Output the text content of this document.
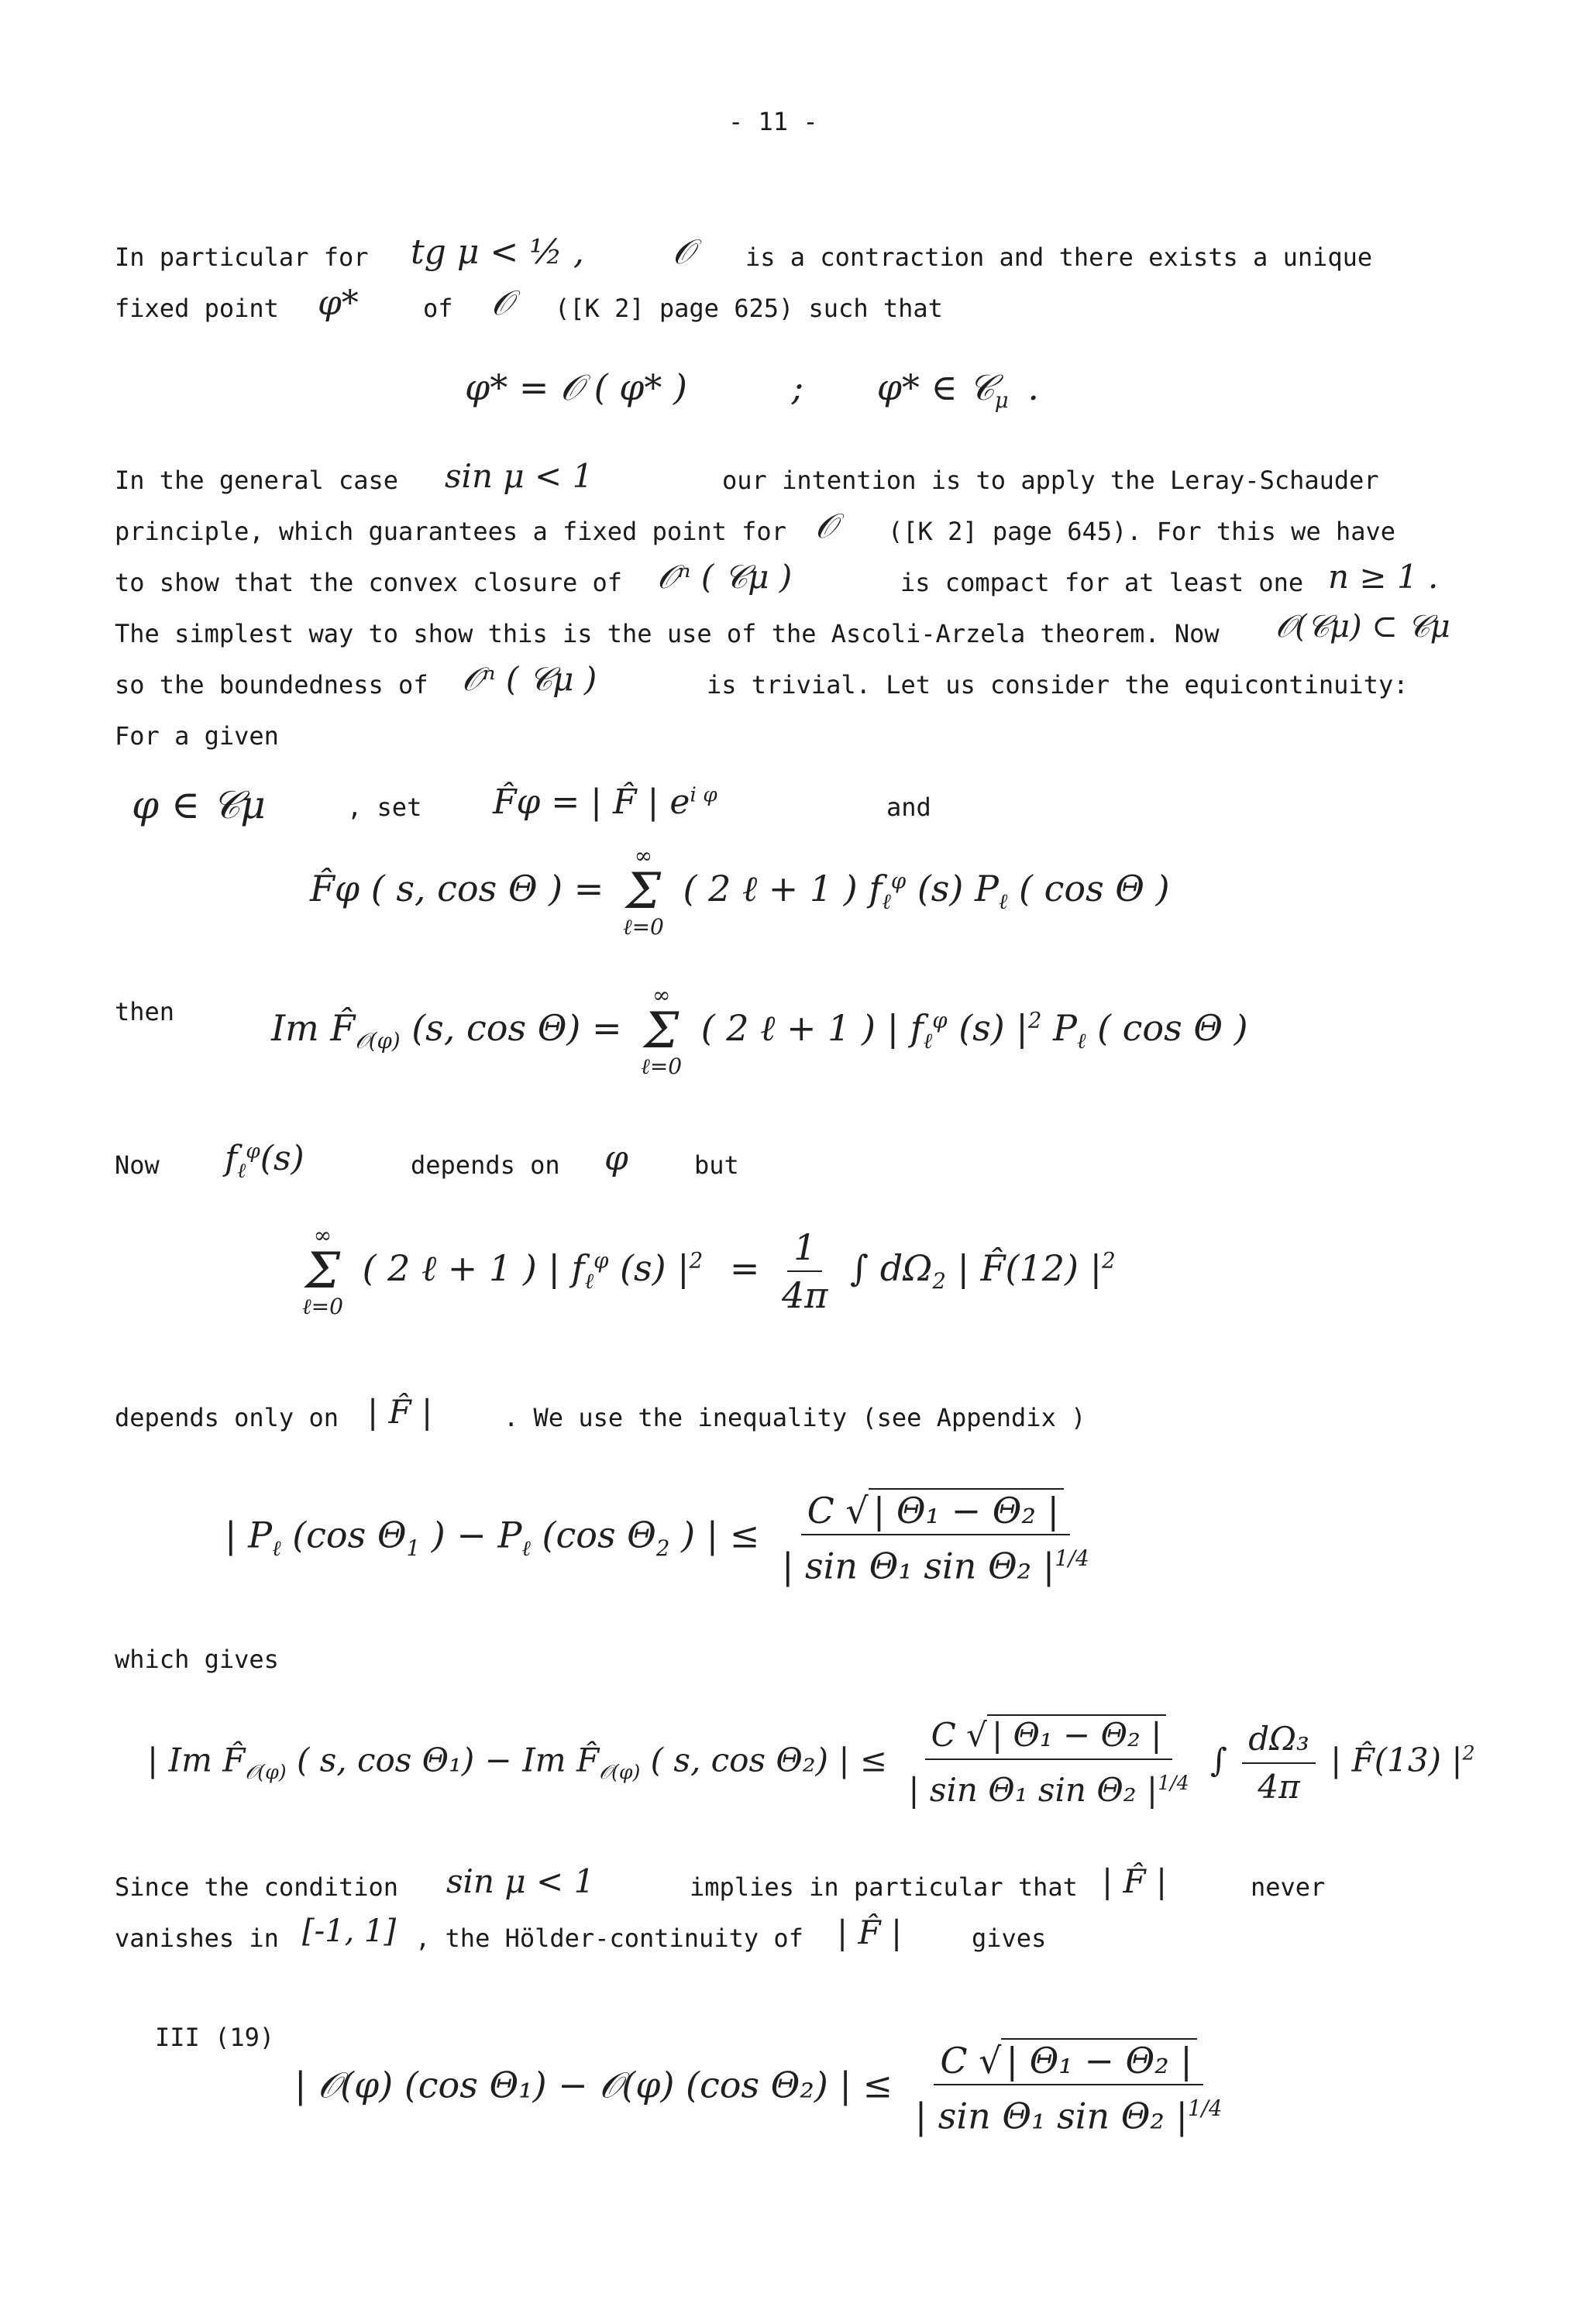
- 11 -
In particular for tg μ < ½ ,	𝒪 is a contraction and there exists a unique
fixed point φ*	of 𝒪 ([K 2] page 625) such that
φ* = 𝒪 ( φ* )	; φ* ∈ 𝒞$_\mu$ .
In the general case sin μ < 1	our intention is to apply the Leray-Schauder
principle, which guarantees a fixed point for 𝒪 ([K 2] page 645). For this we have
to show that the convex closure of 𝒪ⁿ ( 𝒞μ )	is compact for at least one n ≥ 1 .
The simplest way to show this is the use of the Ascoli-Arzela theorem. Now 𝒪(𝒞μ) ⊂ 𝒞μ
so the boundedness of 𝒪ⁿ ( 𝒞μ )	is trivial. Let us consider the equicontinuity:
For a given
φ ∈ 𝒞μ	, set F̂φ = | F̂ | $e^{i \varphi}$	and
F̂φ ( s, cos Θ ) =
∞
Σ
ℓ=0
( 2 ℓ + 1 ) $f_\ell^\varphi$ (s) $P_\ell$ ( cos Θ )
then	Im $F̂_{𝒪(\varphi)}$ (s, cos Θ) =
∞
Σ
ℓ=0
( 2 ℓ + 1 ) | $f_\ell^\varphi$ (s) $|^2$ $P_\ell$ ( cos Θ )
Now $f_\ell^\varphi(s)$	depends on φ	but
∞
Σ
ℓ=0
( 2 ℓ + 1 ) | $f_\ell^\varphi$ (s) $|^2 = \frac{1}{4\pi}$ ∫ $d\Omega_2$ | F̂(12) $|^2$
depends only on | F̂ |	. We use the inequality (see Appendix )
| $P_\ell$ (cos $\Theta_1$ ) − $P_\ell$ (cos $\Theta_2$ ) | ≤ $\frac{\text{C √ | Θ₁ − Θ₂ |}}{| \sin \Theta_1 \sin \Theta_2 |^{1/4}}$
which gives
| Im $F̂_{𝒪(\varphi)}$ ( s, cos Θ₁) − Im $F̂_{𝒪(\varphi)}$ ( s, cos Θ₂) | ≤ $\frac{\text{C √ | Θ₁ − Θ₂ |}}{| \sin \Theta_1 \sin \Theta_2 |^{1/4}}$ ∫ $\frac{\text{dΩ₃}}{4\pi}$ | F̂(13) $|^2$
Since the condition sin μ < 1	implies in particular that | F̂ |	never
vanishes in [-1, 1] , the Hölder-continuity of | F̂ |	gives
III (19)
| 𝒪(φ) (cos Θ₁) − 𝒪(φ) (cos Θ₂) | ≤ $\frac{\text{C √ | Θ₁ − Θ₂ |}}{| \sin \Theta_1 \sin \Theta_2 |^{1/4}}$
